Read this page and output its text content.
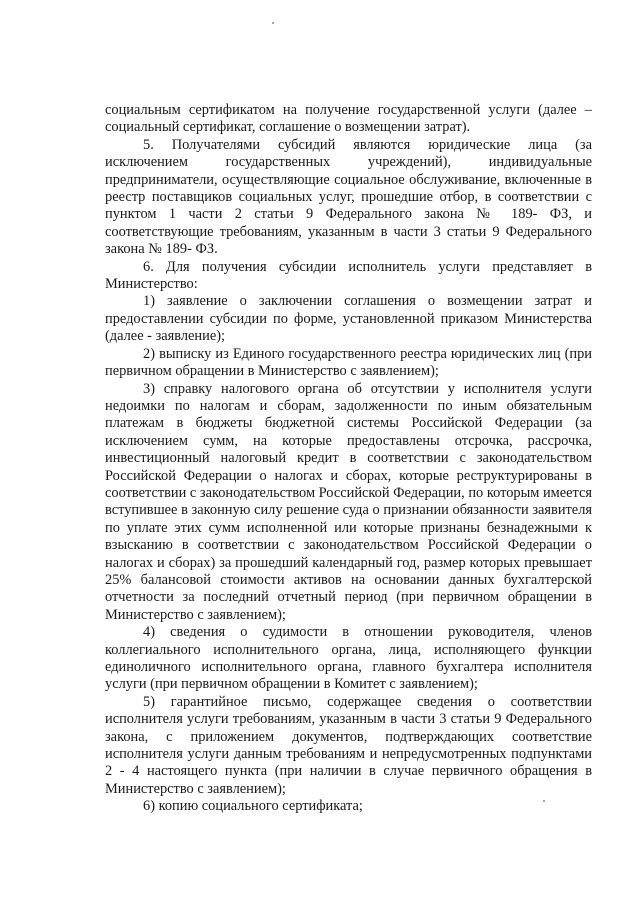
социальным сертификатом на получение государственной услуги (далее – социальный сертификат, соглашение о возмещении затрат).

5. Получателями субсидий являются юридические лица (за исключением государственных учреждений), индивидуальные предприниматели, осуществляющие социальное обслуживание, включенные в реестр поставщиков социальных услуг, прошедшие отбор, в соответствии с пунктом 1 части 2 статьи 9 Федерального закона № 189- ФЗ, и соответствующие требованиям, указанным в части 3 статьи 9 Федерального закона № 189- ФЗ.

6. Для получения субсидии исполнитель услуги представляет в Министерство:

1) заявление о заключении соглашения о возмещении затрат и предоставлении субсидии по форме, установленной приказом Министерства (далее - заявление);

2) выписку из Единого государственного реестра юридических лиц (при первичном обращении в Министерство с заявлением);

3) справку налогового органа об отсутствии у исполнителя услуги недоимки по налогам и сборам, задолженности по иным обязательным платежам в бюджеты бюджетной системы Российской Федерации (за исключением сумм, на которые предоставлены отсрочка, рассрочка, инвестиционный налоговый кредит в соответствии с законодательством Российской Федерации о налогах и сборах, которые реструктурированы в соответствии с законодательством Российской Федерации, по которым имеется вступившее в законную силу решение суда о признании обязанности заявителя по уплате этих сумм исполненной или которые признаны безнадежными к взысканию в соответствии с законодательством Российской Федерации о налогах и сборах) за прошедший календарный год, размер которых превышает 25% балансовой стоимости активов на основании данных бухгалтерской отчетности за последний отчетный период (при первичном обращении в Министерство с заявлением);

4) сведения о судимости в отношении руководителя, членов коллегиального исполнительного органа, лица, исполняющего функции единоличного исполнительного органа, главного бухгалтера исполнителя услуги (при первичном обращении в Комитет с заявлением);

5) гарантийное письмо, содержащее сведения о соответствии исполнителя услуги требованиям, указанным в части 3 статьи 9 Федерального закона, с приложением документов, подтверждающих соответствие исполнителя услуги данным требованиям и непредусмотренных подпунктами 2 - 4 настоящего пункта (при наличии в случае первичного обращения в Министерство с заявлением);

6) копию социального сертификата;
